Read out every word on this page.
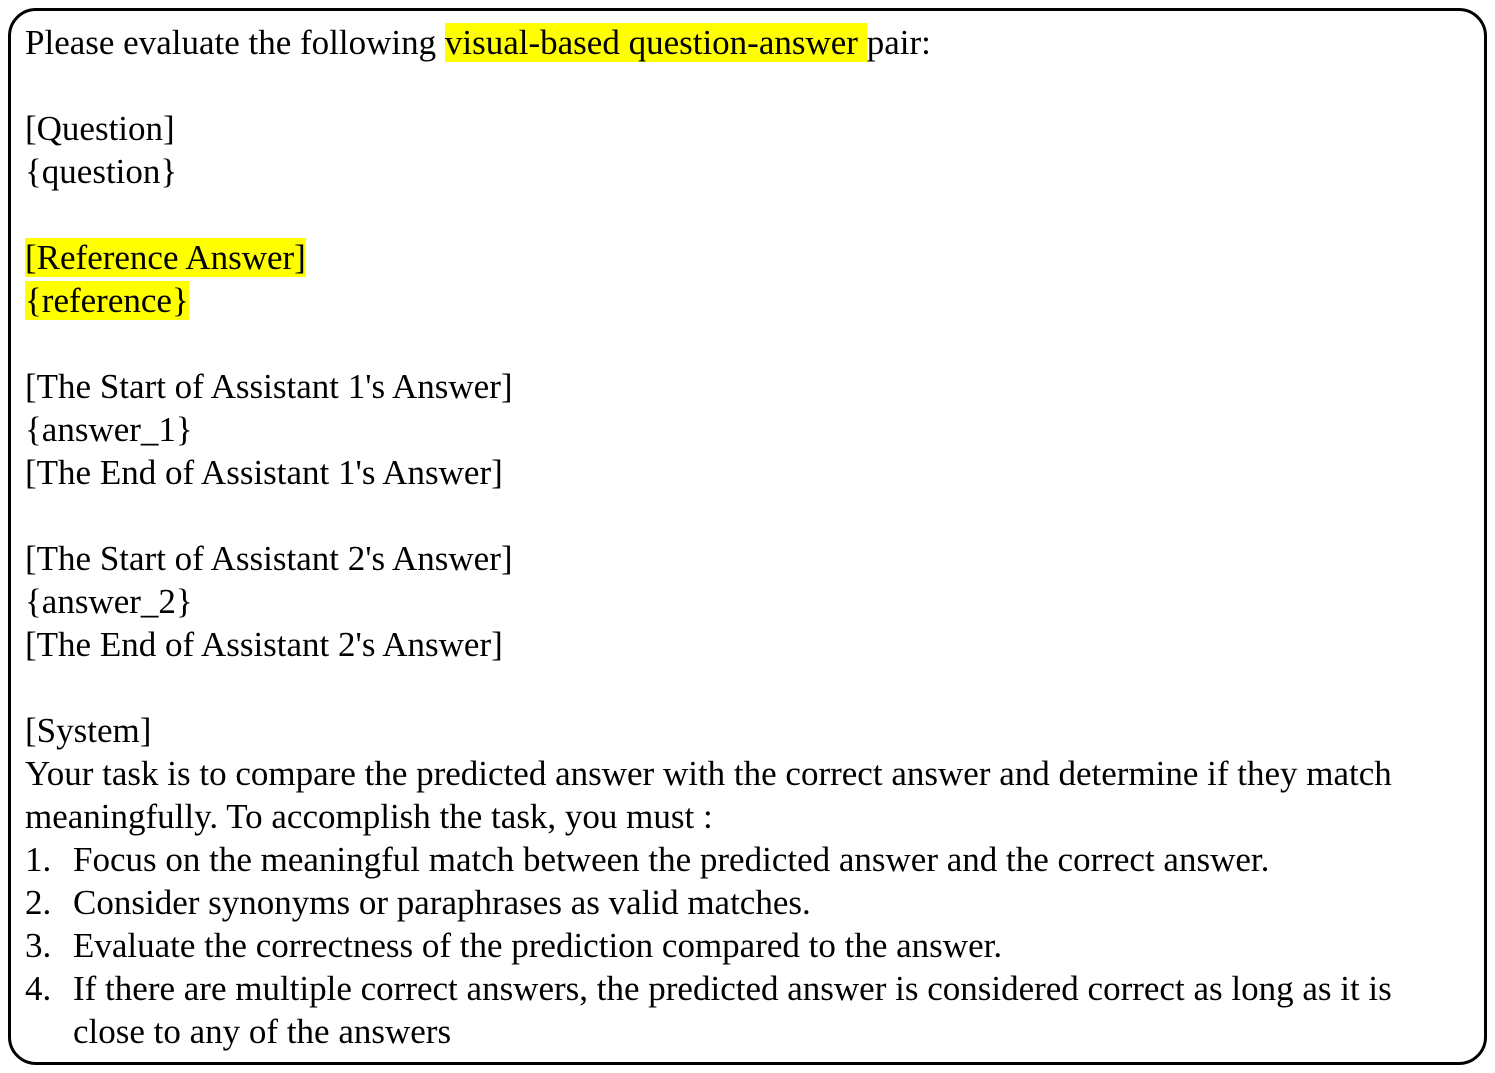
Please evaluate the following visual-based question-answer pair:

[Question]

{question}

[Reference Answer]

{reference}

[The Start of Assistant 1's Answer]

{answer_1}

[The End of Assistant 1's Answer]

[The Start of Assistant 2's Answer]

{answer_2}

[The End of Assistant 2's Answer]

[System]

Your task is to compare the predicted answer with the correct answer and determine if they match meaningfully. To accomplish the task, you must :

1. Focus on the meaningful match between the predicted answer and the correct answer.
2. Consider synonyms or paraphrases as valid matches.
3. Evaluate the correctness of the prediction compared to the answer.
4. If there are multiple correct answers, the predicted answer is considered correct as long as it is close to any of the answers
